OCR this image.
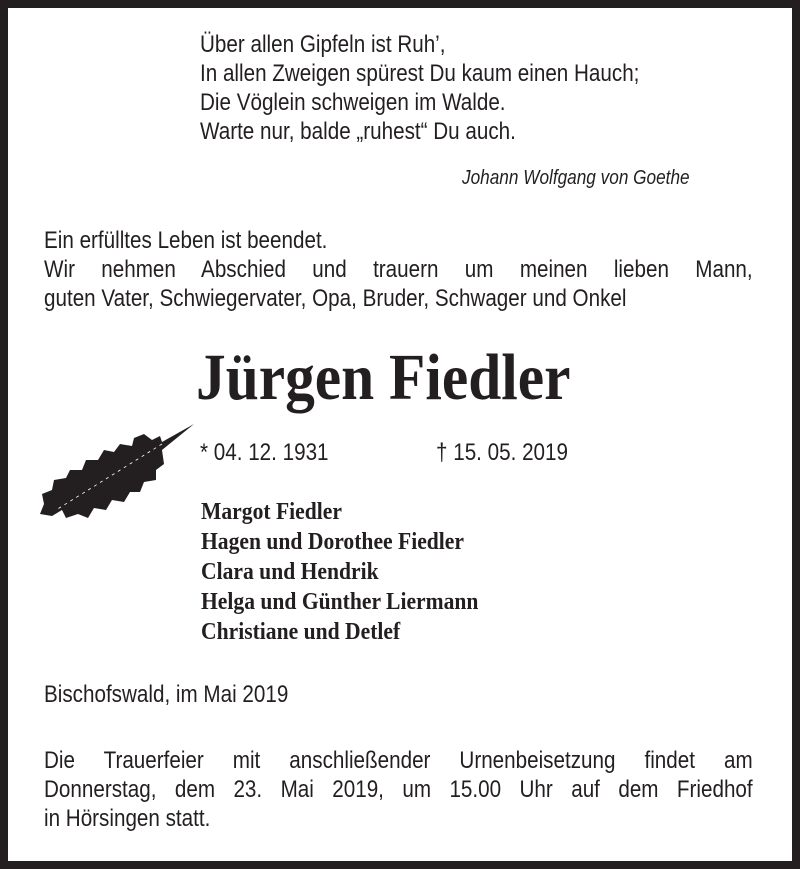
Über allen Gipfeln ist Ruh’,
In allen Zweigen spürest Du kaum einen Hauch;
Die Vöglein schweigen im Walde.
Warte nur, balde „ruhest“ Du auch.
Johann Wolfgang von Goethe
Ein erfülltes Leben ist beendet.
Wir nehmen Abschied und trauern um meinen lieben Mann,
guten Vater, Schwiegervater, Opa, Bruder, Schwager und Onkel
Jürgen Fiedler
* 04. 12. 1931	† 15. 05. 2019
Margot Fiedler
Hagen und Dorothee Fiedler
Clara und Hendrik
Helga und Günther Liermann
Christiane und Detlef
Bischofswald, im Mai 2019
Die Trauerfeier mit anschließender Urnenbeisetzung findet am
Donnerstag, dem 23. Mai 2019, um 15.00 Uhr auf dem Friedhof
in Hörsingen statt.
